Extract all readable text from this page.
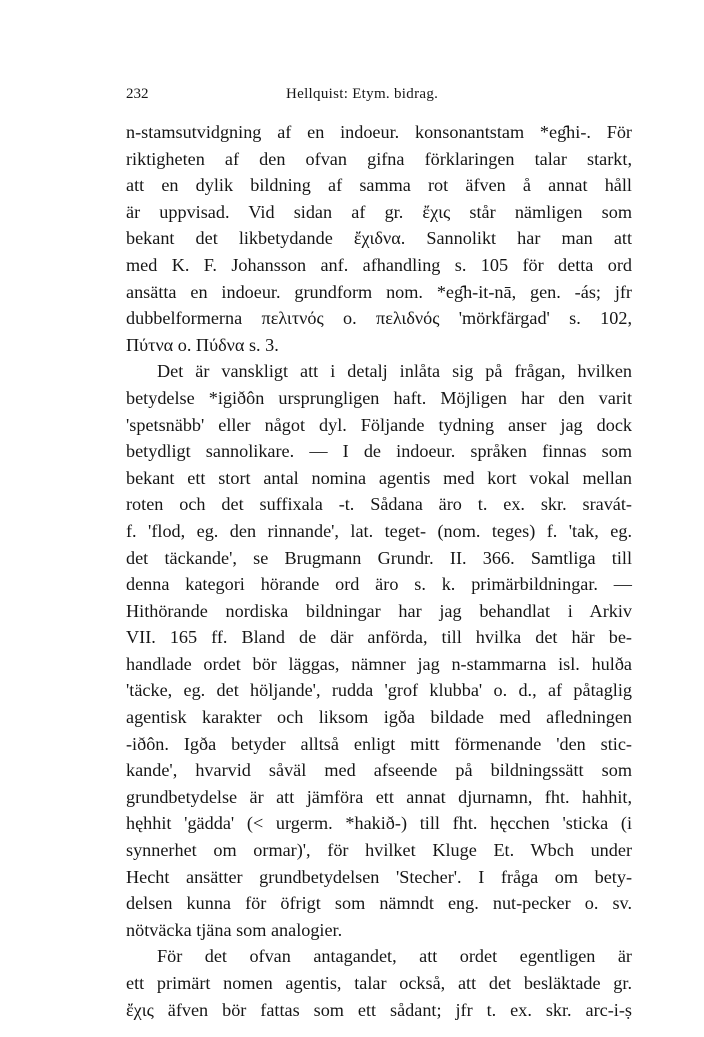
232	Hellquist: Etym. bidrag.
n-stamsutvidgning af en indoeur. konsonantstam *eg̑hi-. För
riktigheten af den ofvan gifna förklaringen talar starkt,
att en dylik bildning af samma rot äfven å annat håll
är uppvisad. Vid sidan af gr. ἔχις står nämligen som
bekant det likbetydande ἔχιδνα. Sannolikt har man att
med K. F. Johansson anf. afhandling s. 105 för detta ord
ansätta en indoeur. grundform nom. *eg̑h-it-nā, gen. -ás; jfr
dubbelformerna πελιτνός o. πελιδνός 'mörkfärgad' s. 102,
Πύτνα o. Πύδνα s. 3.
Det är vanskligt att i detalj inlåta sig på frågan, hvilken
betydelse *igiðôn ursprungligen haft. Möjligen har den varit
'spetsnäbb' eller något dyl. Följande tydning anser jag dock
betydligt sannolikare. — I de indoeur. språken finnas som
bekant ett stort antal nomina agentis med kort vokal mellan
roten och det suffixala -t. Sådana äro t. ex. skr. sravát-
f. 'flod, eg. den rinnande', lat. teget- (nom. teges) f. 'tak, eg.
det täckande', se Brugmann Grundr. II. 366. Samtliga till
denna kategori hörande ord äro s. k. primärbildningar. —
Hithörande nordiska bildningar har jag behandlat i Arkiv
VII. 165 ff. Bland de där anförda, till hvilka det här be-
handlade ordet bör läggas, nämner jag n-stammarna isl. hulða
'täcke, eg. det höljande', rudda 'grof klubba' o. d., af påtaglig
agentisk karakter och liksom igða bildade med afledningen
-iðôn. Igða betyder alltså enligt mitt förmenande 'den stic-
kande', hvarvid såväl med afseende på bildningssätt som
grundbetydelse är att jämföra ett annat djurnamn, fht. hahhit,
hęhhit 'gädda' (< urgerm. *hakið-) till fht. hęcchen 'sticka (i
synnerhet om ormar)', för hvilket Kluge Et. Wbch under
Hecht ansätter grundbetydelsen 'Stecher'. I fråga om bety-
delsen kunna för öfrigt som nämndt eng. nut-pecker o. sv.
nötväcka tjäna som analogier.
För det ofvan antagandet, att ordet egentligen är
ett primärt nomen agentis, talar också, att det besläktade gr.
ἔχις äfven bör fattas som ett sådant; jfr t. ex. skr. arc-i-ṣ
